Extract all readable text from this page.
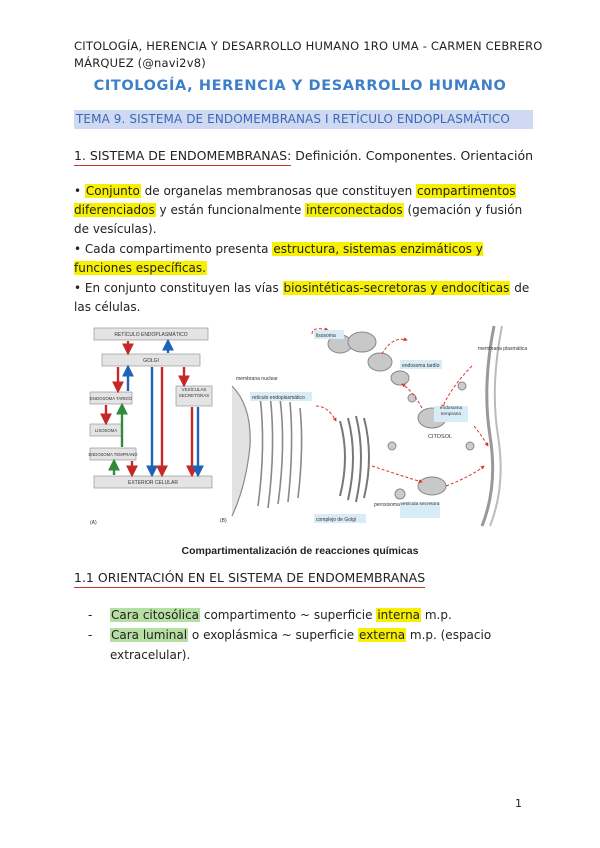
CITOLOGÍA, HERENCIA Y DESARROLLO HUMANO 1RO UMA - CARMEN CEBRERO MÁRQUEZ (@navi2v8)
CITOLOGÍA, HERENCIA Y DESARROLLO HUMANO
TEMA 9. SISTEMA DE ENDOMEMBRANAS I RETÍCULO ENDOPLASMÁTICO
1. SISTEMA DE ENDOMEMBRANAS: Definición. Componentes. Orientación
• Conjunto de organelas membranosas que constituyen compartimentos diferenciados y están funcionalmente interconectados (gemación y fusión de vesículas).
• Cada compartimento presenta estructura, sistemas enzimáticos y funciones específicas.
• En conjunto constituyen las vías biosintéticas-secretoras y endocíticas de las células.
RETÍCULO ENDOPLASMÁTICO
GOLGI
ENDOSOMA TARDÍO
LISOSOMA
ENDOSOMA TEMPRANO
VESÍCULAS SECRETORAS
EXTERIOR CELULAR
(A)
lisosoma
membrana plasmática
endosoma tardío
membrana nuclear
retículo endoplasmático
endosoma temprano
CITOSOL
peroxisoma
complejo de Golgi
vesícula secretora
(B)
Compartimentalización de reacciones químicas
1.1 ORIENTACIÓN EN EL SISTEMA DE ENDOMEMBRANAS
- Cara citosólica compartimento ~ superficie interna m.p.
- Cara luminal o exoplásmica ~ superficie externa m.p. (espacio extracelular).
1
